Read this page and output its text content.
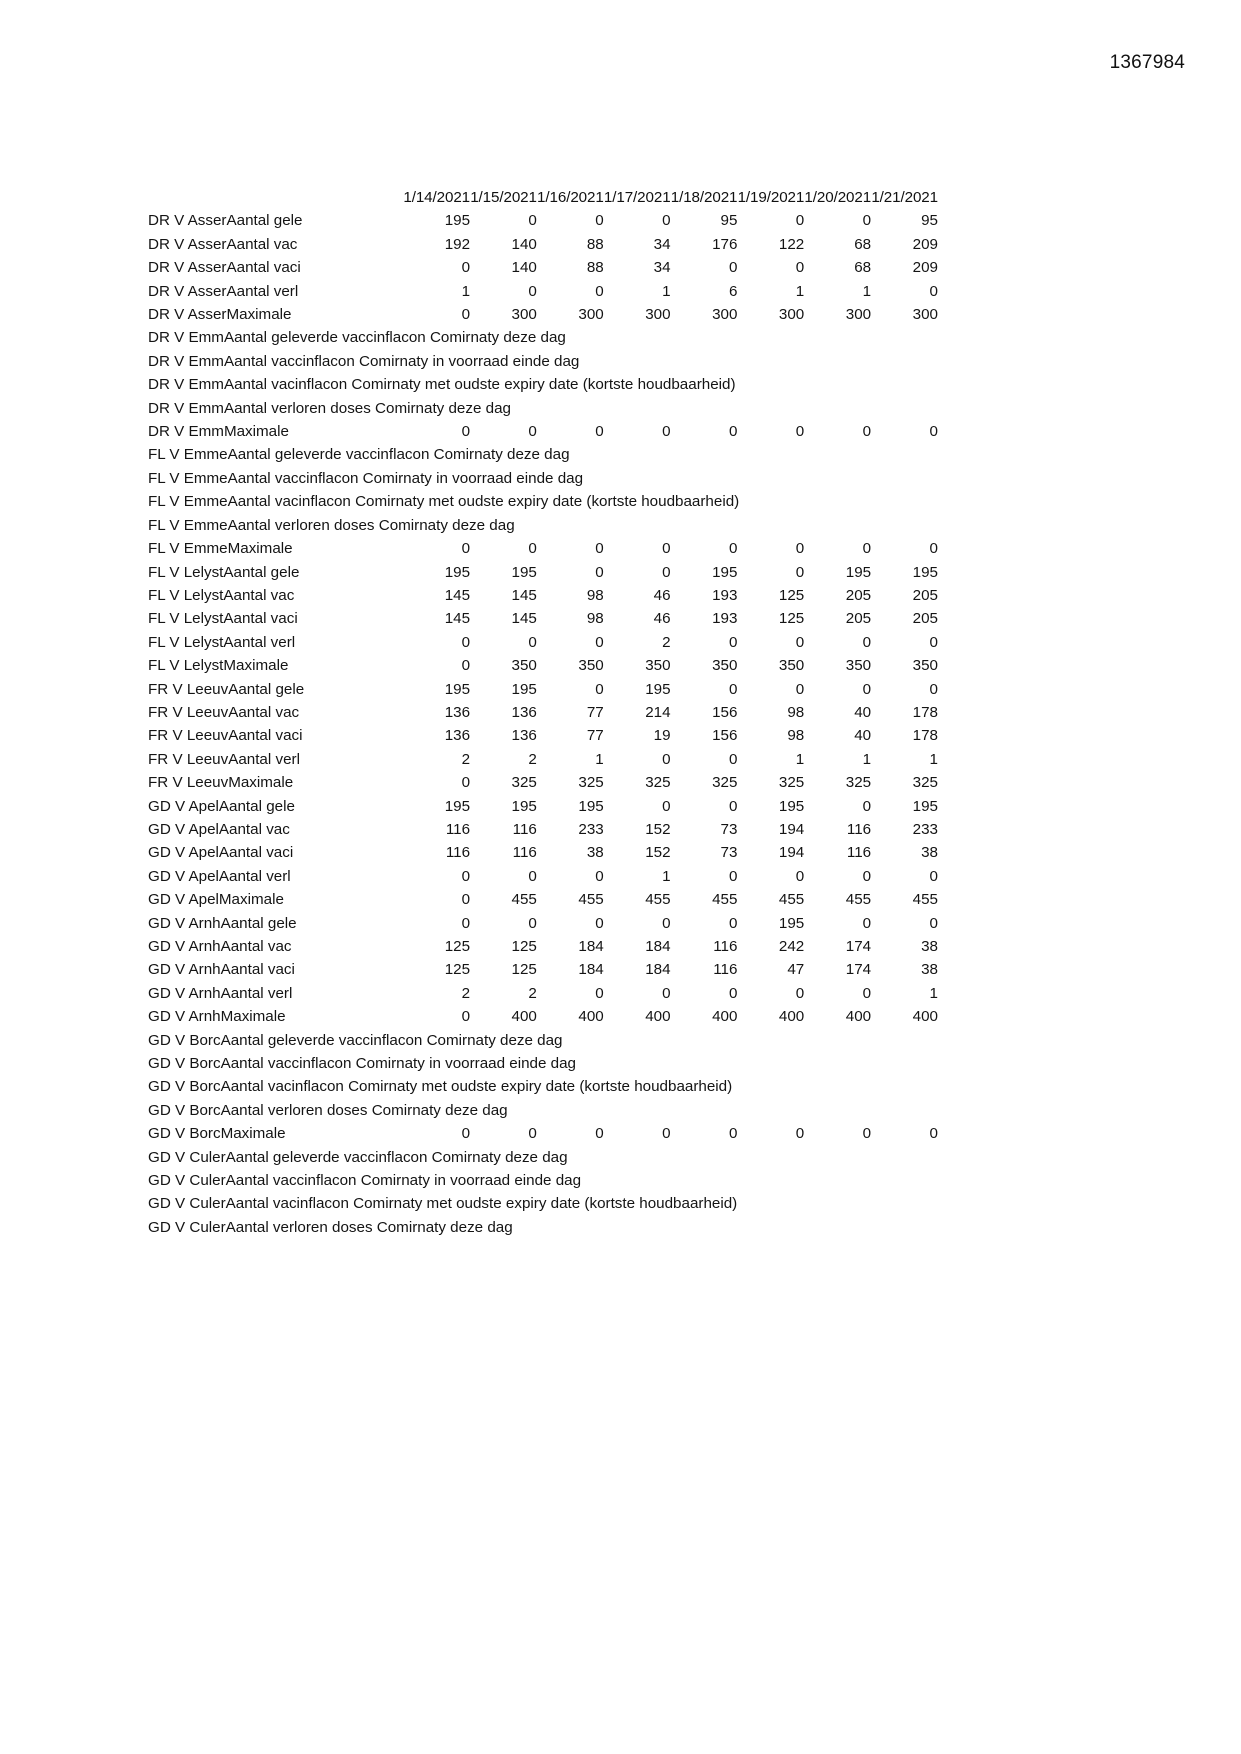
1367984
	1/14/2021	1/15/2021	1/16/2021	1/17/2021	1/18/2021	1/19/2021	1/20/2021	1/21/2021

DR V AsserAantal gele	195	0	0	0	95	0	0	95

DR V AsserAantal vac	192	140	88	34	176	122	68	209

DR V AsserAantal vaci	0	140	88	34	0	0	68	209

DR V AsserAantal verl	1	0	0	1	6	1	1	0

DR V AsserMaximale	0	300	300	300	300	300	300	300
DR V EmmAantal geleverde vaccinflacon Comirnaty deze dag								
DR V EmmAantal vaccinflacon Comirnaty in voorraad einde dag								
DR V EmmAantal vacinflacon Comirnaty met oudste expiry date (kortste houdbaarheid)								
DR V EmmAantal verloren doses Comirnaty deze dag								

DR V EmmMaximale	0	0	0	0	0	0	0	0
FL V EmmeAantal geleverde vaccinflacon Comirnaty deze dag								
FL V EmmeAantal vaccinflacon Comirnaty in voorraad einde dag								
FL V EmmeAantal vacinflacon Comirnaty met oudste expiry date (kortste houdbaarheid)								
FL V EmmeAantal verloren doses Comirnaty deze dag								

FL V EmmeMaximale	0	0	0	0	0	0	0	0

FL V LelystAantal gele	195	195	0	0	195	0	195	195

FL V LelystAantal vac	145	145	98	46	193	125	205	205

FL V LelystAantal vaci	145	145	98	46	193	125	205	205

FL V LelystAantal verl	0	0	0	2	0	0	0	0

FL V LelystMaximale	0	350	350	350	350	350	350	350

FR V LeeuvAantal gele	195	195	0	195	0	0	0	0

FR V LeeuvAantal vac	136	136	77	214	156	98	40	178

FR V LeeuvAantal vaci	136	136	77	19	156	98	40	178

FR V LeeuvAantal verl	2	2	1	0	0	1	1	1

FR V LeeuvMaximale	0	325	325	325	325	325	325	325

GD V ApelAantal gele	195	195	195	0	0	195	0	195

GD V ApelAantal vac	116	116	233	152	73	194	116	233

GD V ApelAantal vaci	116	116	38	152	73	194	116	38

GD V ApelAantal verl	0	0	0	1	0	0	0	0

GD V ApelMaximale	0	455	455	455	455	455	455	455

GD V ArnhAantal gele	0	0	0	0	0	195	0	0

GD V ArnhAantal vac	125	125	184	184	116	242	174	38

GD V ArnhAantal vaci	125	125	184	184	116	47	174	38

GD V ArnhAantal verl	2	2	0	0	0	0	0	1

GD V ArnhMaximale	0	400	400	400	400	400	400	400
GD V BorcAantal geleverde vaccinflacon Comirnaty deze dag								
GD V BorcAantal vaccinflacon Comirnaty in voorraad einde dag								
GD V BorcAantal vacinflacon Comirnaty met oudste expiry date (kortste houdbaarheid)								
GD V BorcAantal verloren doses Comirnaty deze dag								

GD V BorcMaximale	0	0	0	0	0	0	0	0
GD V CulerAantal geleverde vaccinflacon Comirnaty deze dag								
GD V CulerAantal vaccinflacon Comirnaty in voorraad einde dag								
GD V CulerAantal vacinflacon Comirnaty met oudste expiry date (kortste houdbaarheid)								
GD V CulerAantal verloren doses Comirnaty deze dag								
